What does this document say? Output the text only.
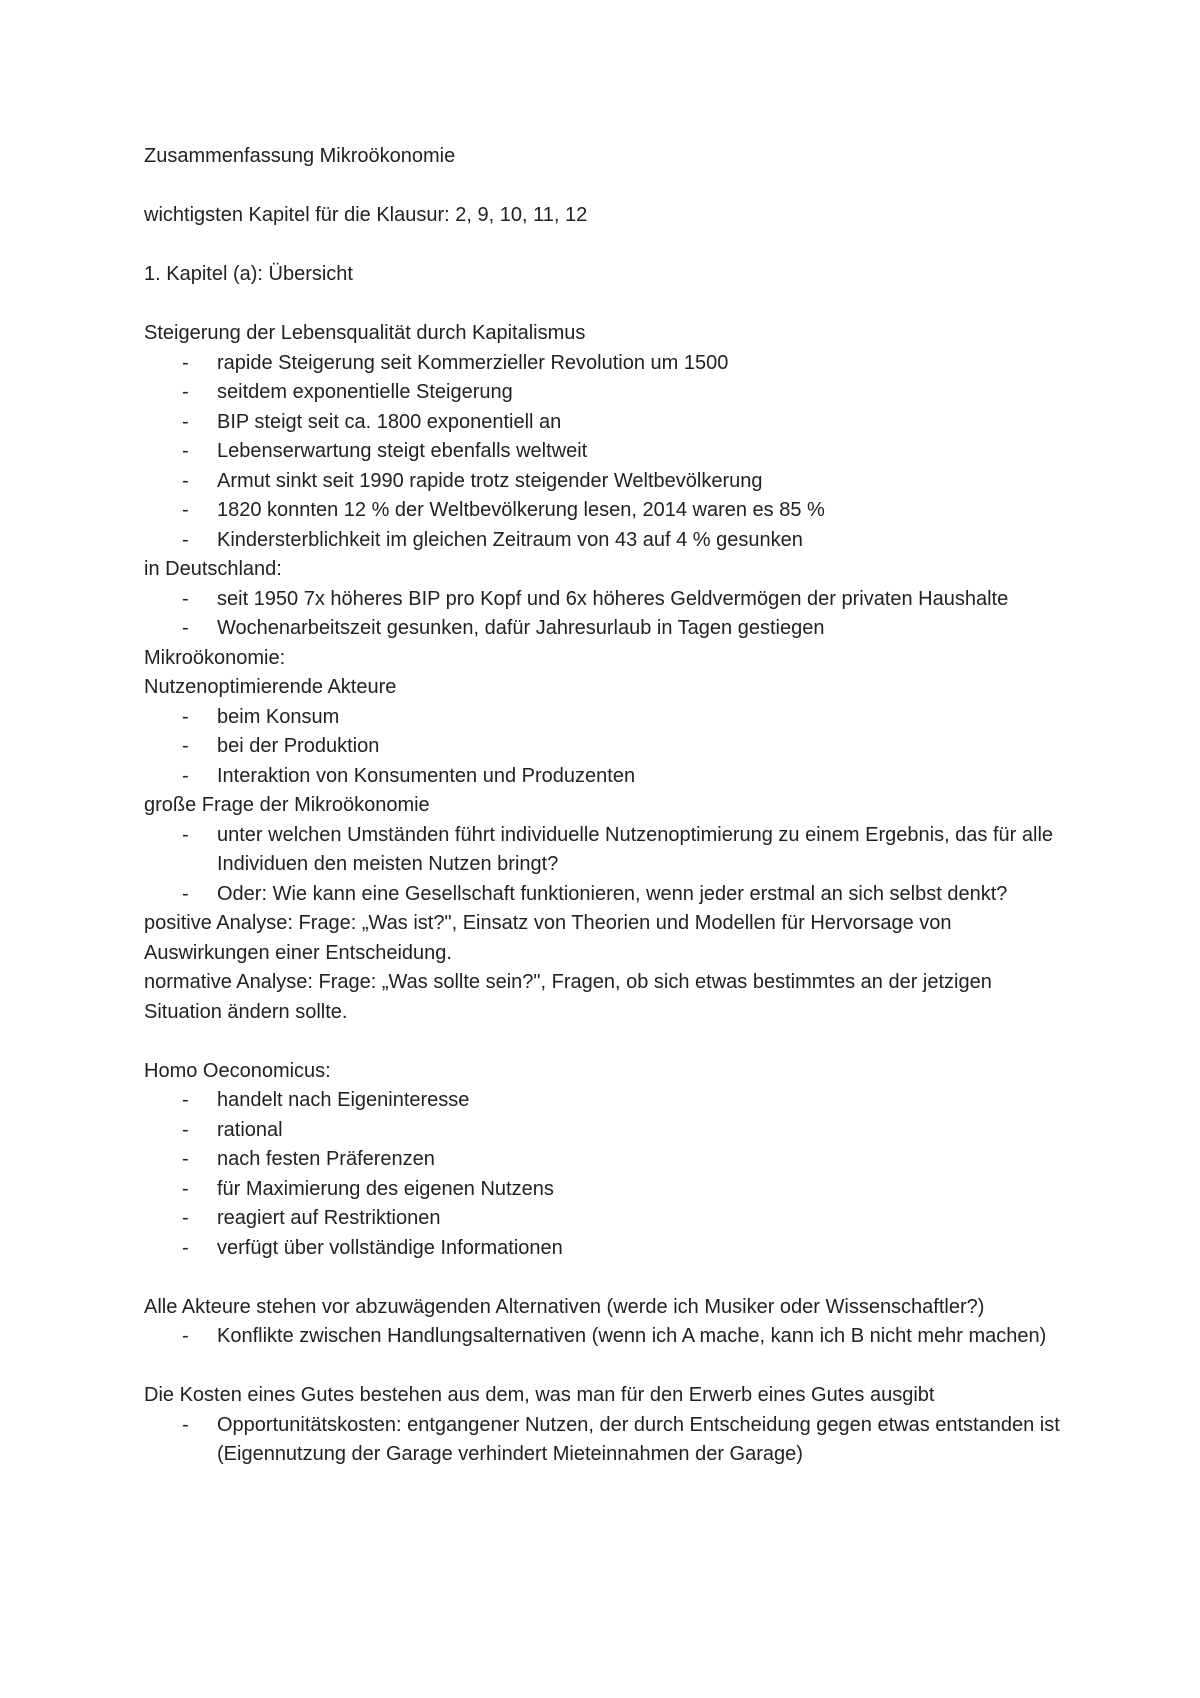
Zusammenfassung Mikroökonomie

wichtigsten Kapitel für die Klausur: 2, 9, 10, 11, 12

1. Kapitel (a): Übersicht

Steigerung der Lebensqualität durch Kapitalismus

- rapide Steigerung seit Kommerzieller Revolution um 1500
- seitdem exponentielle Steigerung
- BIP steigt seit ca. 1800 exponentiell an
- Lebenserwartung steigt ebenfalls weltweit
- Armut sinkt seit 1990 rapide trotz steigender Weltbevölkerung
- 1820 konnten 12 % der Weltbevölkerung lesen, 2014 waren es 85 %
- Kindersterblichkeit im gleichen Zeitraum von 43 auf 4 % gesunken

in Deutschland:

- seit 1950 7x höheres BIP pro Kopf und 6x höheres Geldvermögen der privaten Haushalte
- Wochenarbeitszeit gesunken, dafür Jahresurlaub in Tagen gestiegen

Mikroökonomie:

Nutzenoptimierende Akteure

- beim Konsum
- bei der Produktion
- Interaktion von Konsumenten und Produzenten

große Frage der Mikroökonomie

- unter welchen Umständen führt individuelle Nutzenoptimierung zu einem Ergebnis, das für alle Individuen den meisten Nutzen bringt?
- Oder: Wie kann eine Gesellschaft funktionieren, wenn jeder erstmal an sich selbst denkt?

positive Analyse: Frage: „Was ist?", Einsatz von Theorien und Modellen für Hervorsage von Auswirkungen einer Entscheidung.

normative Analyse: Frage: „Was sollte sein?", Fragen, ob sich etwas bestimmtes an der jetzigen Situation ändern sollte.

Homo Oeconomicus:

- handelt nach Eigeninteresse
- rational
- nach festen Präferenzen
- für Maximierung des eigenen Nutzens
- reagiert auf Restriktionen
- verfügt über vollständige Informationen

Alle Akteure stehen vor abzuwägenden Alternativen (werde ich Musiker oder Wissenschaftler?)

- Konflikte zwischen Handlungsalternativen (wenn ich A mache, kann ich B nicht mehr machen)

Die Kosten eines Gutes bestehen aus dem, was man für den Erwerb eines Gutes ausgibt

- Opportunitätskosten: entgangener Nutzen, der durch Entscheidung gegen etwas entstanden ist (Eigennutzung der Garage verhindert Mieteinnahmen der Garage)
